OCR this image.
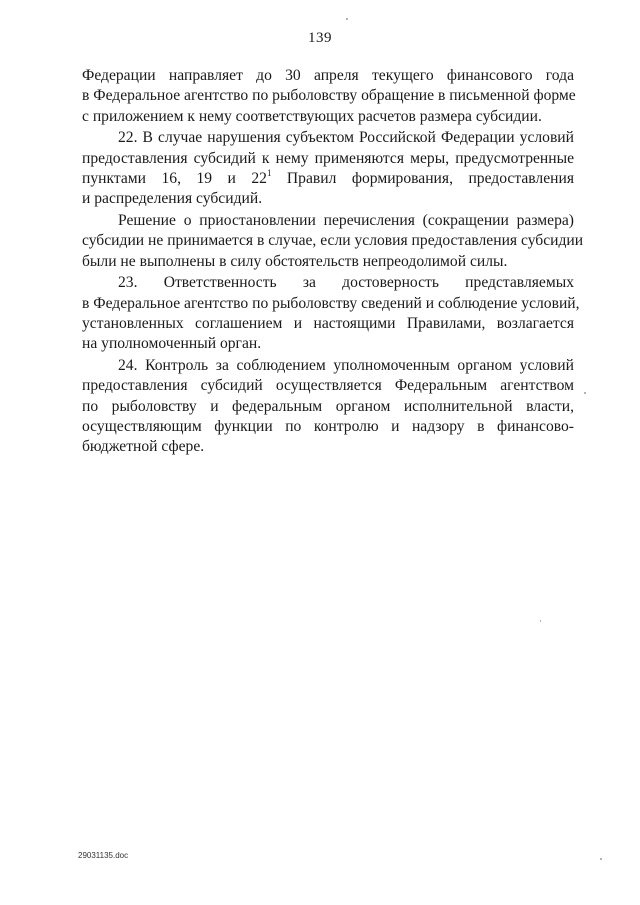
139
Федерации направляет до 30 апреля текущего финансового года
в Федеральное агентство по рыболовству обращение в письменной форме
с приложением к нему соответствующих расчетов размера субсидии.
22. В случае нарушения субъектом Российской Федерации условий
предоставления субсидий к нему применяются меры, предусмотренные
пунктами 16, 19 и $22^1$ Правил формирования, предоставления
и распределения субсидий.
Решение о приостановлении перечисления (сокращении размера)
субсидии не принимается в случае, если условия предоставления субсидии
были не выполнены в силу обстоятельств непреодолимой силы.
23. Ответственность за достоверность представляемых
в Федеральное агентство по рыболовству сведений и соблюдение условий,
установленных соглашением и настоящими Правилами, возлагается
на уполномоченный орган.
24. Контроль за соблюдением уполномоченным органом условий
предоставления субсидий осуществляется Федеральным агентством
по рыболовству и федеральным органом исполнительной власти,
осуществляющим функции по контролю и надзору в финансово-
бюджетной сфере.
29031135.doc
